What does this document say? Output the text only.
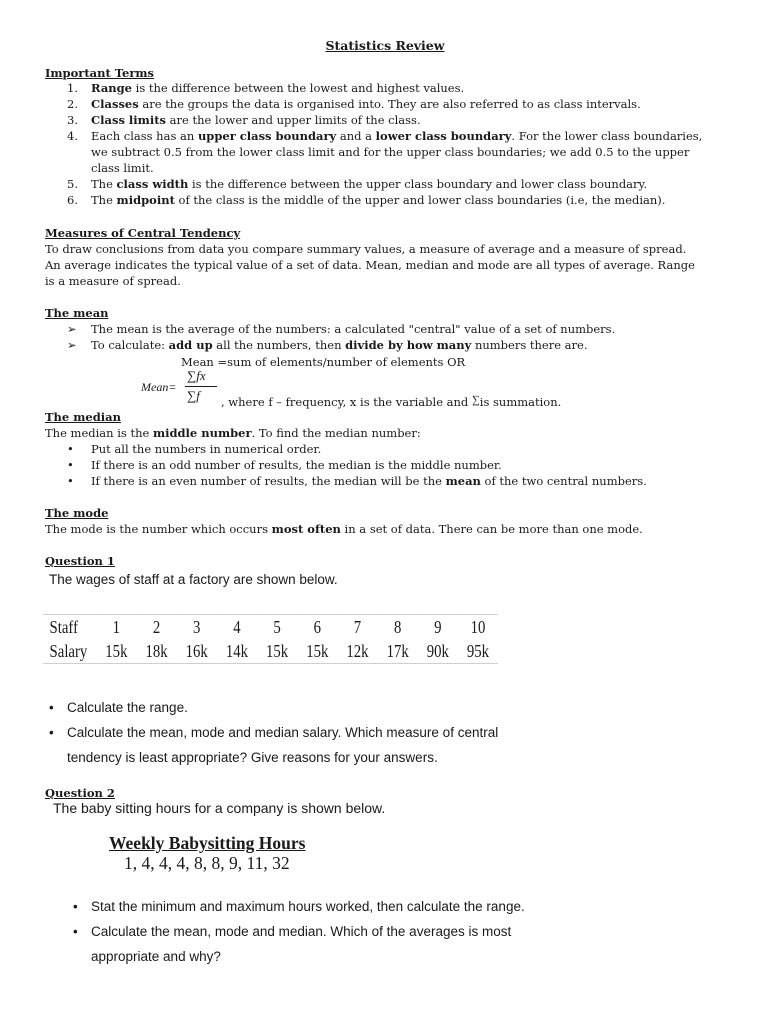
Statistics Review
Important Terms
1. Range is the difference between the lowest and highest values.
2. Classes are the groups the data is organised into. They are also referred to as class intervals.
3. Class limits are the lower and upper limits of the class.
4. Each class has an upper class boundary and a lower class boundary. For the lower class boundaries,
we subtract 0.5 from the lower class limit and for the upper class boundaries; we add 0.5 to the upper
class limit.
5. The class width is the difference between the upper class boundary and lower class boundary.
6. The midpoint of the class is the middle of the upper and lower class boundaries (i.e, the median).
Measures of Central Tendency
To draw conclusions from data you compare summary values, a measure of average and a measure of spread.
An average indicates the typical value of a set of data. Mean, median and mode are all types of average. Range
is a measure of spread.
The mean
➢ The mean is the average of the numbers: a calculated "central" value of a set of numbers.
➢ To calculate: add up all the numbers, then divide by how many numbers there are.
Mean =sum of elements/number of elements OR
Mean=
∑fx
∑f , where f – frequency, x is the variable and ∑is summation.
The median
The median is the middle number. To find the median number:
• Put all the numbers in numerical order.
• If there is an odd number of results, the median is the middle number.
• If there is an even number of results, the median will be the mean of the two central numbers.
The mode
The mode is the number which occurs most often in a set of data. There can be more than one mode.
Question 1
The wages of staff at a factory are shown below.
Staff	1	2	3	4	5	6	7	8	9	10
Salary	15k	18k	16k	14k	15k	15k	12k	17k	90k	95k
• Calculate the range.
• Calculate the mean, mode and median salary. Which measure of central
tendency is least appropriate? Give reasons for your answers.
Question 2
The baby sitting hours for a company is shown below.
Weekly Babysitting Hours
1, 4, 4, 4, 8, 8, 9, 11, 32
• Stat the minimum and maximum hours worked, then calculate the range.
• Calculate the mean, mode and median. Which of the averages is most
appropriate and why?
